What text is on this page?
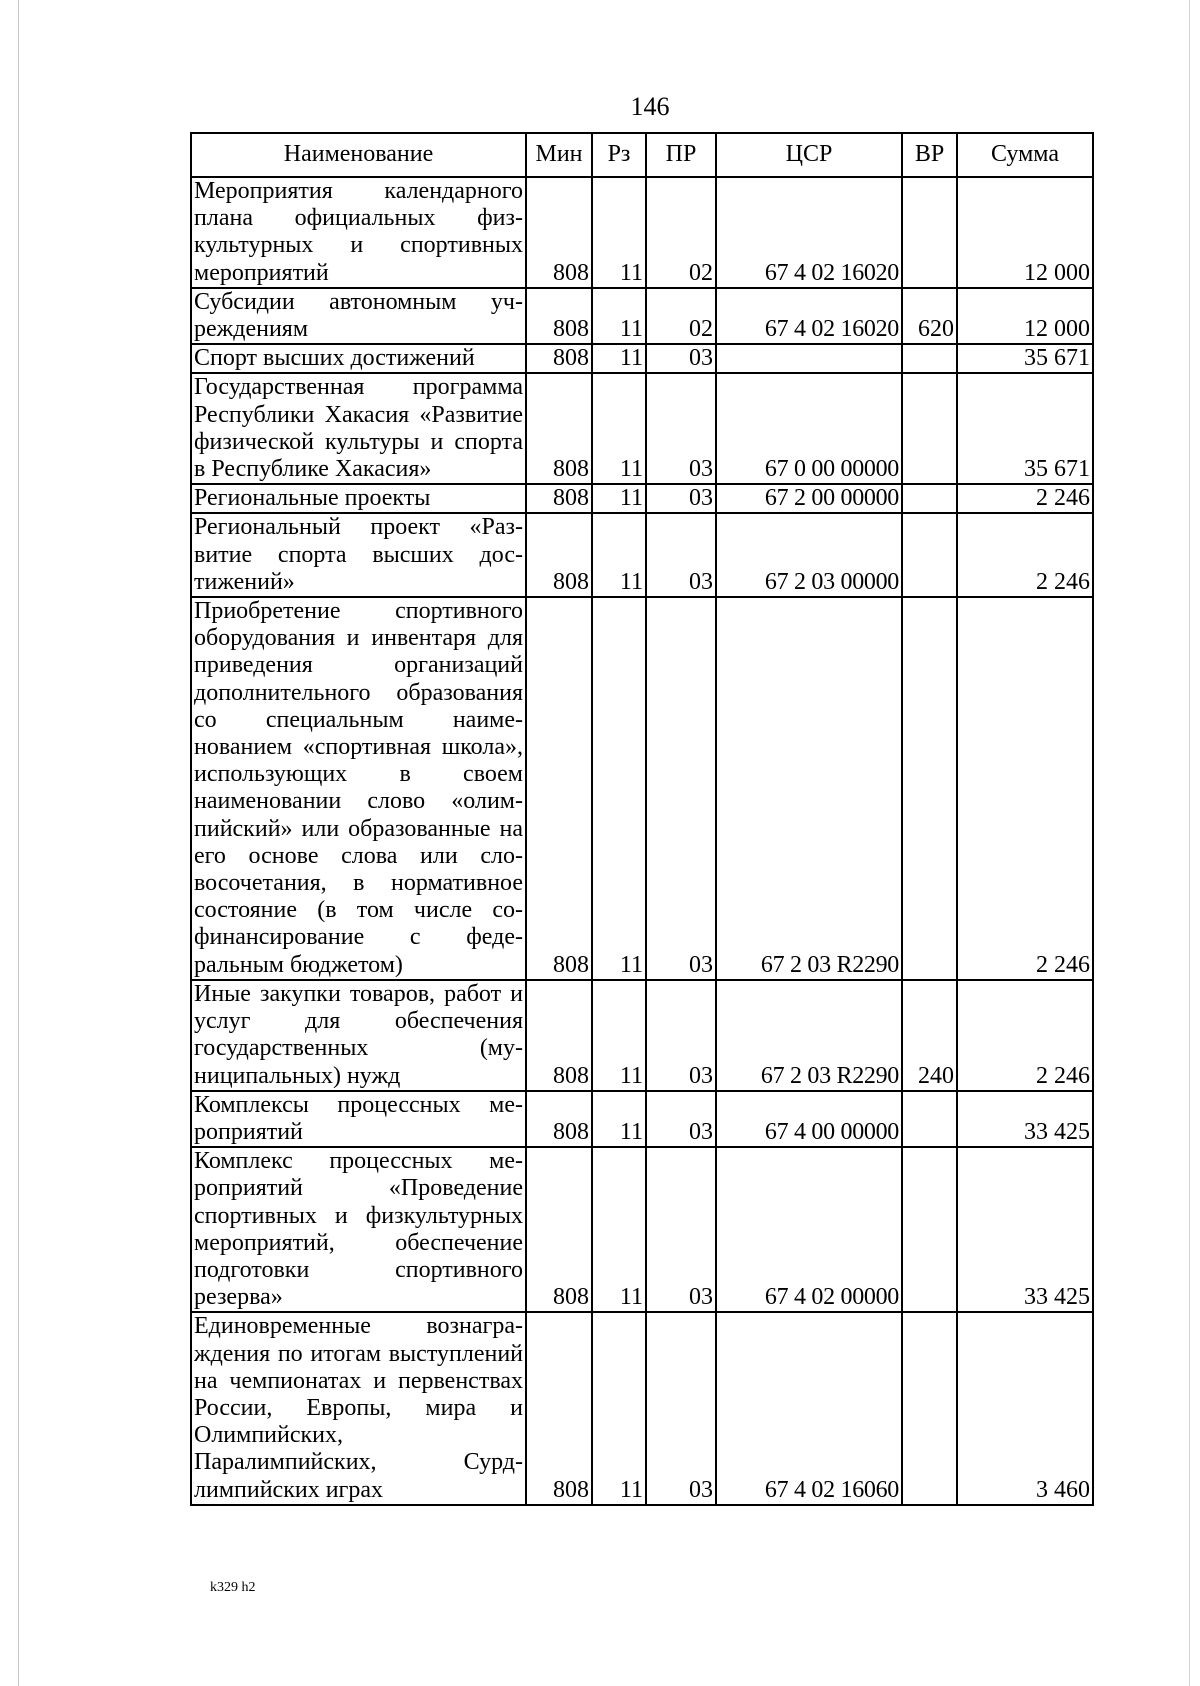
146
Наименование	Мин	Рз	ПР	ЦСР	ВР	Сумма
Мероприятия календарного плана официальных физкультурных и спортивных мероприятий	808	11	02	67 4 02 16020		12 000
Субсидии автономным учреждениям	808	11	02	67 4 02 16020	620	12 000
Спорт высших достижений	808	11	03			35 671
Государственная программа Республики Хакасия «Развитие физической культуры и спорта в Республике Хакасия»	808	11	03	67 0 00 00000		35 671
Региональные проекты	808	11	03	67 2 00 00000		2 246
Региональный проект «Развитие спорта высших достижений»	808	11	03	67 2 03 00000		2 246
Приобретение спортивного оборудования и инвентаря для приведения организаций дополнительного образования со специальным наименованием «спортивная школа», использующих в своем наименовании слово «олимпийский» или образованные на его основе слова или словосочетания, в нормативное состояние (в том числе софинансирование с федеральным бюджетом)	808	11	03	67 2 03 R2290		2 246
Иные закупки товаров, работ и услуг для обеспечения государственных (муниципальных) нужд	808	11	03	67 2 03 R2290	240	2 246
Комплексы процессных мероприятий	808	11	03	67 4 00 00000		33 425
Комплекс процессных мероприятий «Проведение спортивных и физкультурных мероприятий, обеспечение подготовки спортивного резерва»	808	11	03	67 4 02 00000		33 425
Единовременные вознаграждения по итогам выступлений на чемпионатах и первенствах России, Европы, мира и Олимпийских, Паралимпийских, Сурдлимпийских играх	808	11	03	67 4 02 16060		3 460
k329 h2
